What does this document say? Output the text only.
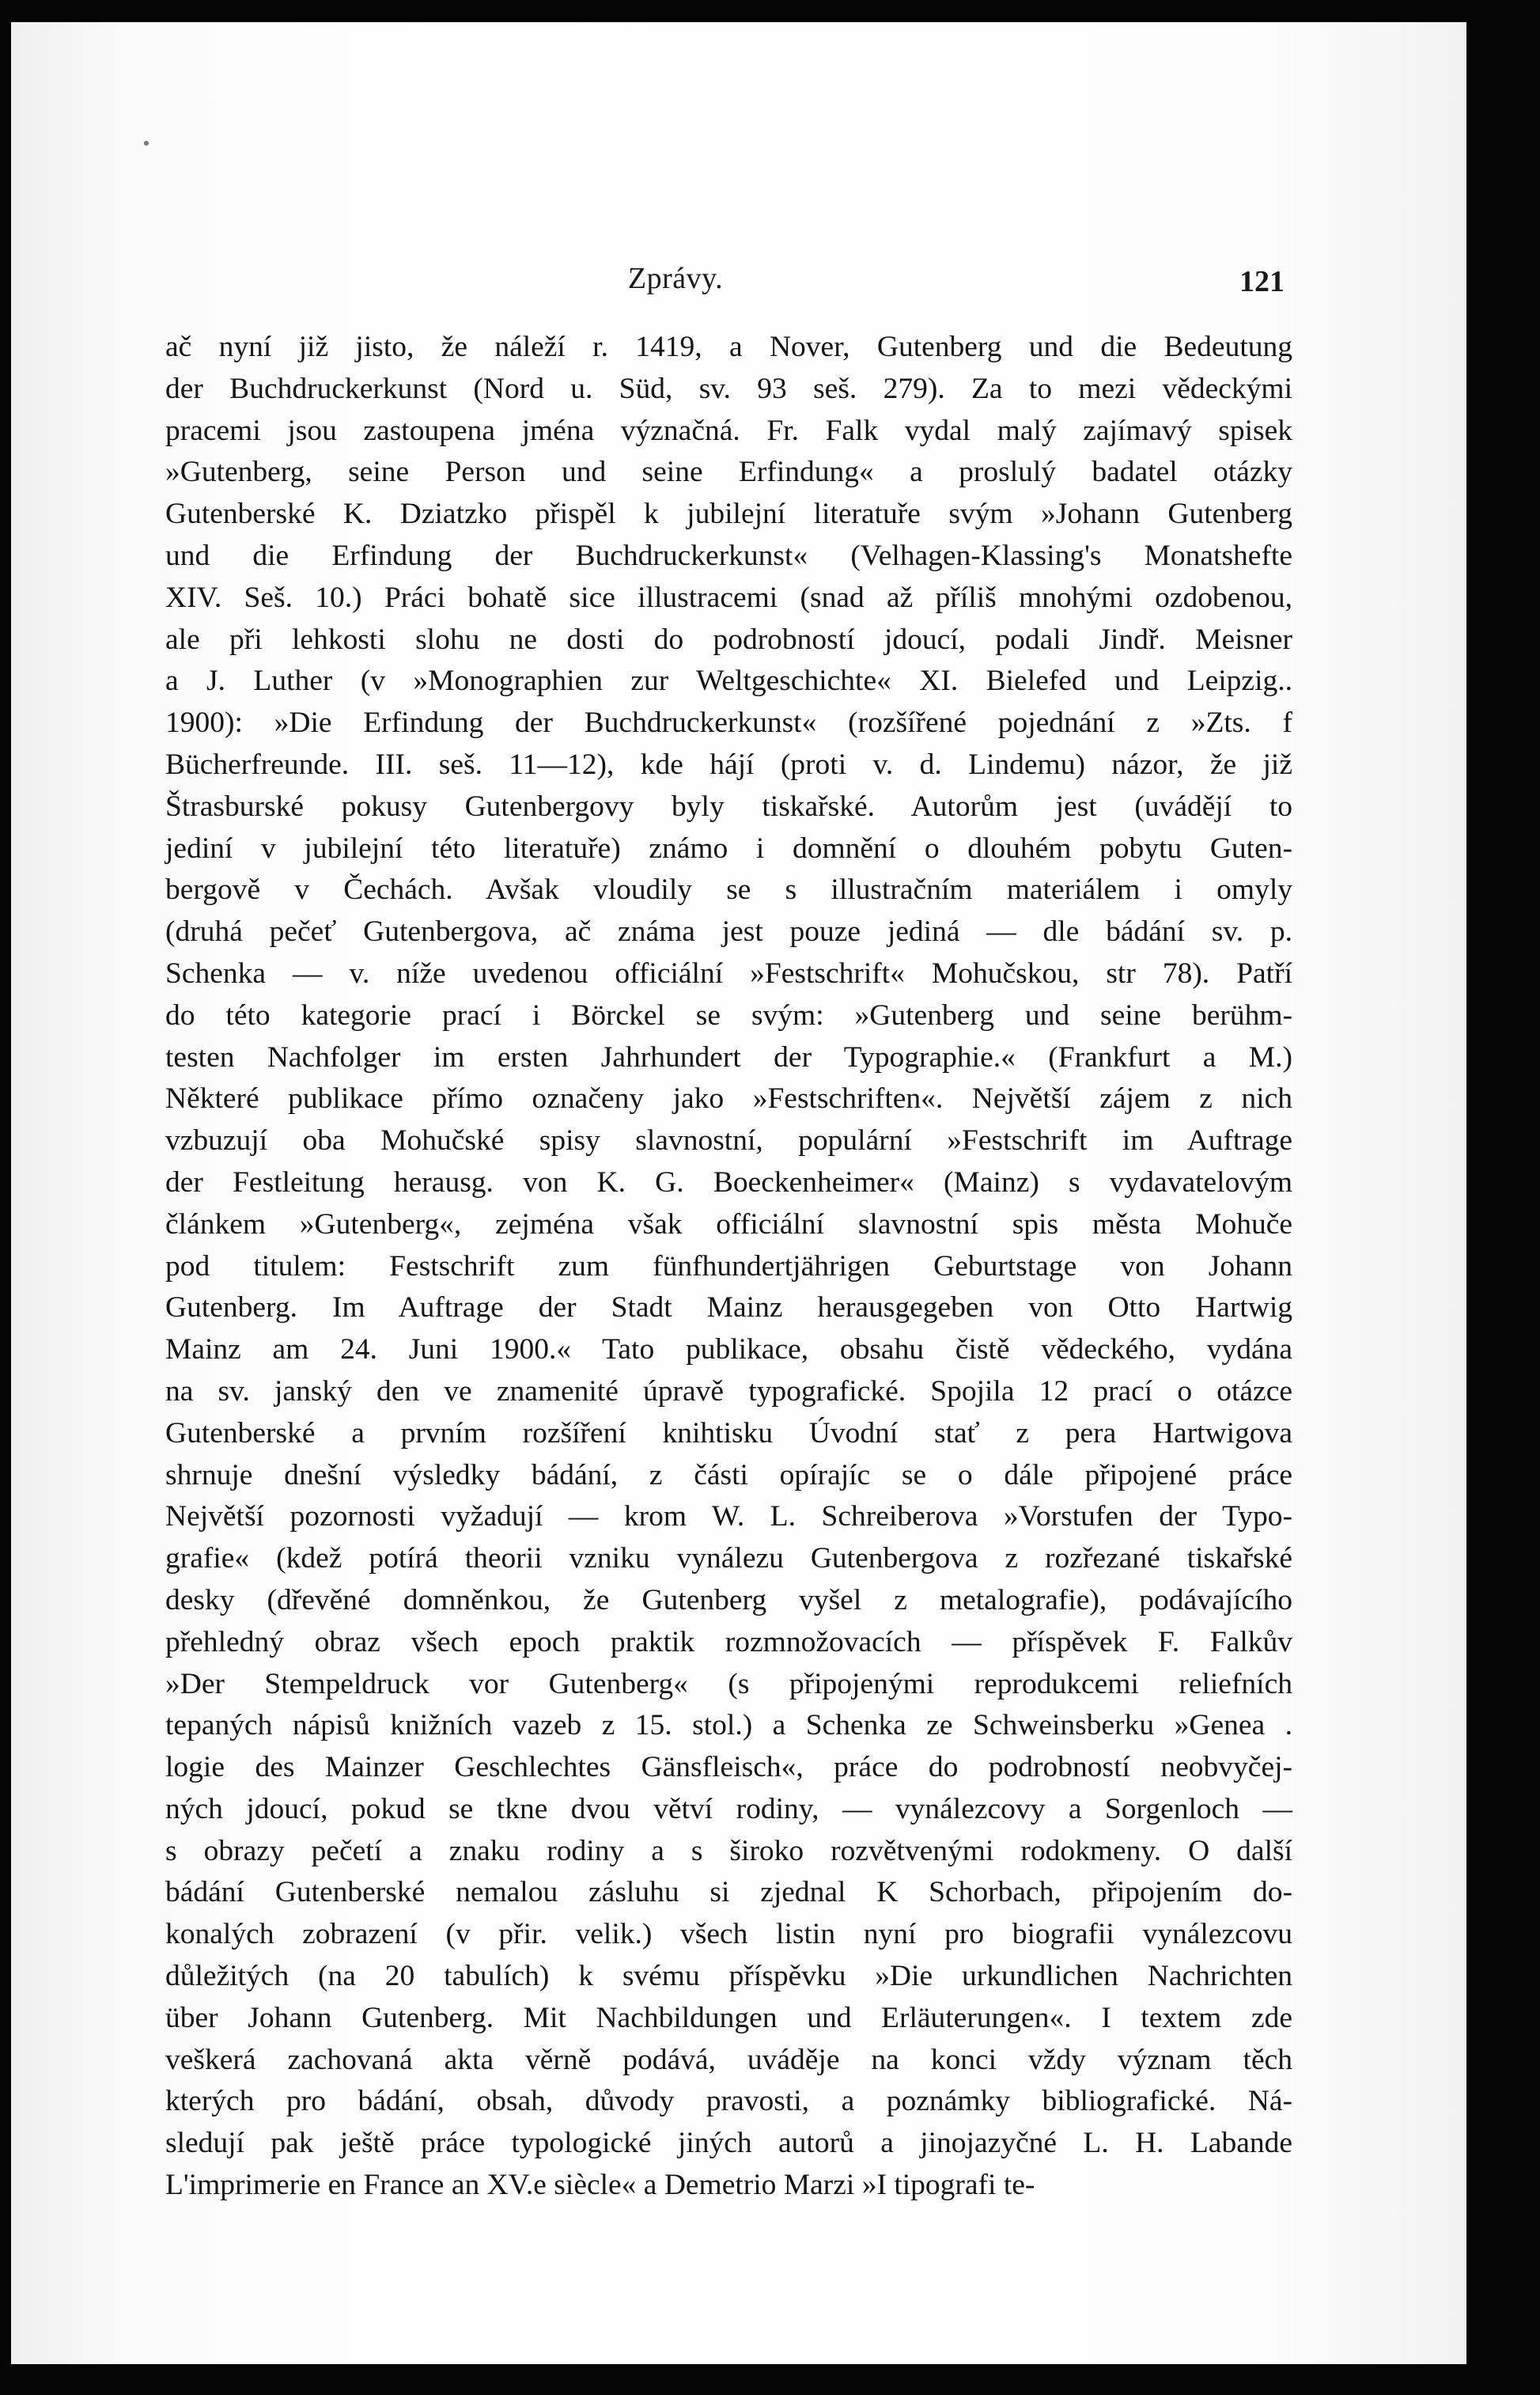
Zprávy.	121
ač nyní již jisto, že náleží r. 1419, a Nover, Gutenberg und die Bedeutung
der Buchdruckerkunst (Nord u. Süd, sv. 93 seš. 279). Za to mezi vědeckými
pracemi jsou zastoupena jména význačná. Fr. Falk vydal malý zajímavý spisek
»Gutenberg, seine Person und seine Erfindung« a proslulý badatel otázky
Gutenberské K. Dziatzko přispěl k jubilejní literatuře svým »Johann Gutenberg
und die Erfindung der Buchdruckerkunst« (Velhagen-Klassing's Monatshefte
XIV. Seš. 10.) Práci bohatě sice illustracemi (snad až příliš mnohými ozdobenou,
ale při lehkosti slohu ne dosti do podrobností jdoucí, podali Jindř. Meisner
a J. Luther (v »Monographien zur Weltgeschichte« XI. Bielefed und Leipzig..
1900): »Die Erfindung der Buchdruckerkunst« (rozšířené pojednání z »Zts. f
Bücherfreunde. III. seš. 11—12), kde hájí (proti v. d. Lindemu) názor, že již
Štrasburské pokusy Gutenbergovy byly tiskařské. Autorům jest (uvádějí to
jediní v jubilejní této literatuře) známo i domnění o dlouhém pobytu Guten-
bergově v Čechách. Avšak vloudily se s illustračním materiálem i omyly
(druhá pečeť Gutenbergova, ač známa jest pouze jediná — dle bádání sv. p.
Schenka — v. níže uvedenou officiální »Festschrift« Mohučskou, str 78). Patří
do této kategorie prací i Börckel se svým: »Gutenberg und seine berühm-
testen Nachfolger im ersten Jahrhundert der Typographie.« (Frankfurt a M.)
Některé publikace přímo označeny jako »Festschriften«. Největší zájem z nich
vzbuzují oba Mohučské spisy slavnostní, populární »Festschrift im Auftrage
der Festleitung herausg. von K. G. Boeckenheimer« (Mainz) s vydavatelovým
článkem »Gutenberg«, zejména však officiální slavnostní spis města Mohuče
pod titulem: Festschrift zum fünfhundertjährigen Geburtstage von Johann
Gutenberg. Im Auftrage der Stadt Mainz herausgegeben von Otto Hartwig
Mainz am 24. Juni 1900.« Tato publikace, obsahu čistě vědeckého, vydána
na sv. janský den ve znamenité úpravě typografické. Spojila 12 prací o otázce
Gutenberské a prvním rozšíření knihtisku Úvodní stať z pera Hartwigova
shrnuje dnešní výsledky bádání, z části opírajíc se o dále připojené práce
Největší pozornosti vyžadují — krom W. L. Schreiberova »Vorstufen der Typo-
grafie« (kdež potírá theorii vzniku vynálezu Gutenbergova z rozřezané tiskařské
desky (dřevěné domněnkou, že Gutenberg vyšel z metalografie), podávajícího
přehledný obraz všech epoch praktik rozmnožovacích — příspěvek F. Falkův
»Der Stempeldruck vor Gutenberg« (s připojenými reprodukcemi reliefních
tepaných nápisů knižních vazeb z 15. stol.) a Schenka ze Schweinsberku »Genea .
logie des Mainzer Geschlechtes Gänsfleisch«, práce do podrobností neobvyčej-
ných jdoucí, pokud se tkne dvou větví rodiny, — vynálezcovy a Sorgenloch —
s obrazy pečetí a znaku rodiny a s široko rozvětvenými rodokmeny. O další
bádání Gutenberské nemalou zásluhu si zjednal K Schorbach, připojením do-
konalých zobrazení (v přir. velik.) všech listin nyní pro biografii vynálezcovu
důležitých (na 20 tabulích) k svému příspěvku »Die urkundlichen Nachrichten
über Johann Gutenberg. Mit Nachbildungen und Erläuterungen«. I textem zde
veškerá zachovaná akta věrně podává, uváděje na konci vždy význam těch
kterých pro bádání, obsah, důvody pravosti, a poznámky bibliografické. Ná-
sledují pak ještě práce typologické jiných autorů a jinojazyčné L. H. Labande
L'imprimerie en France an XV.e siècle« a Demetrio Marzi »I tipografi te-
